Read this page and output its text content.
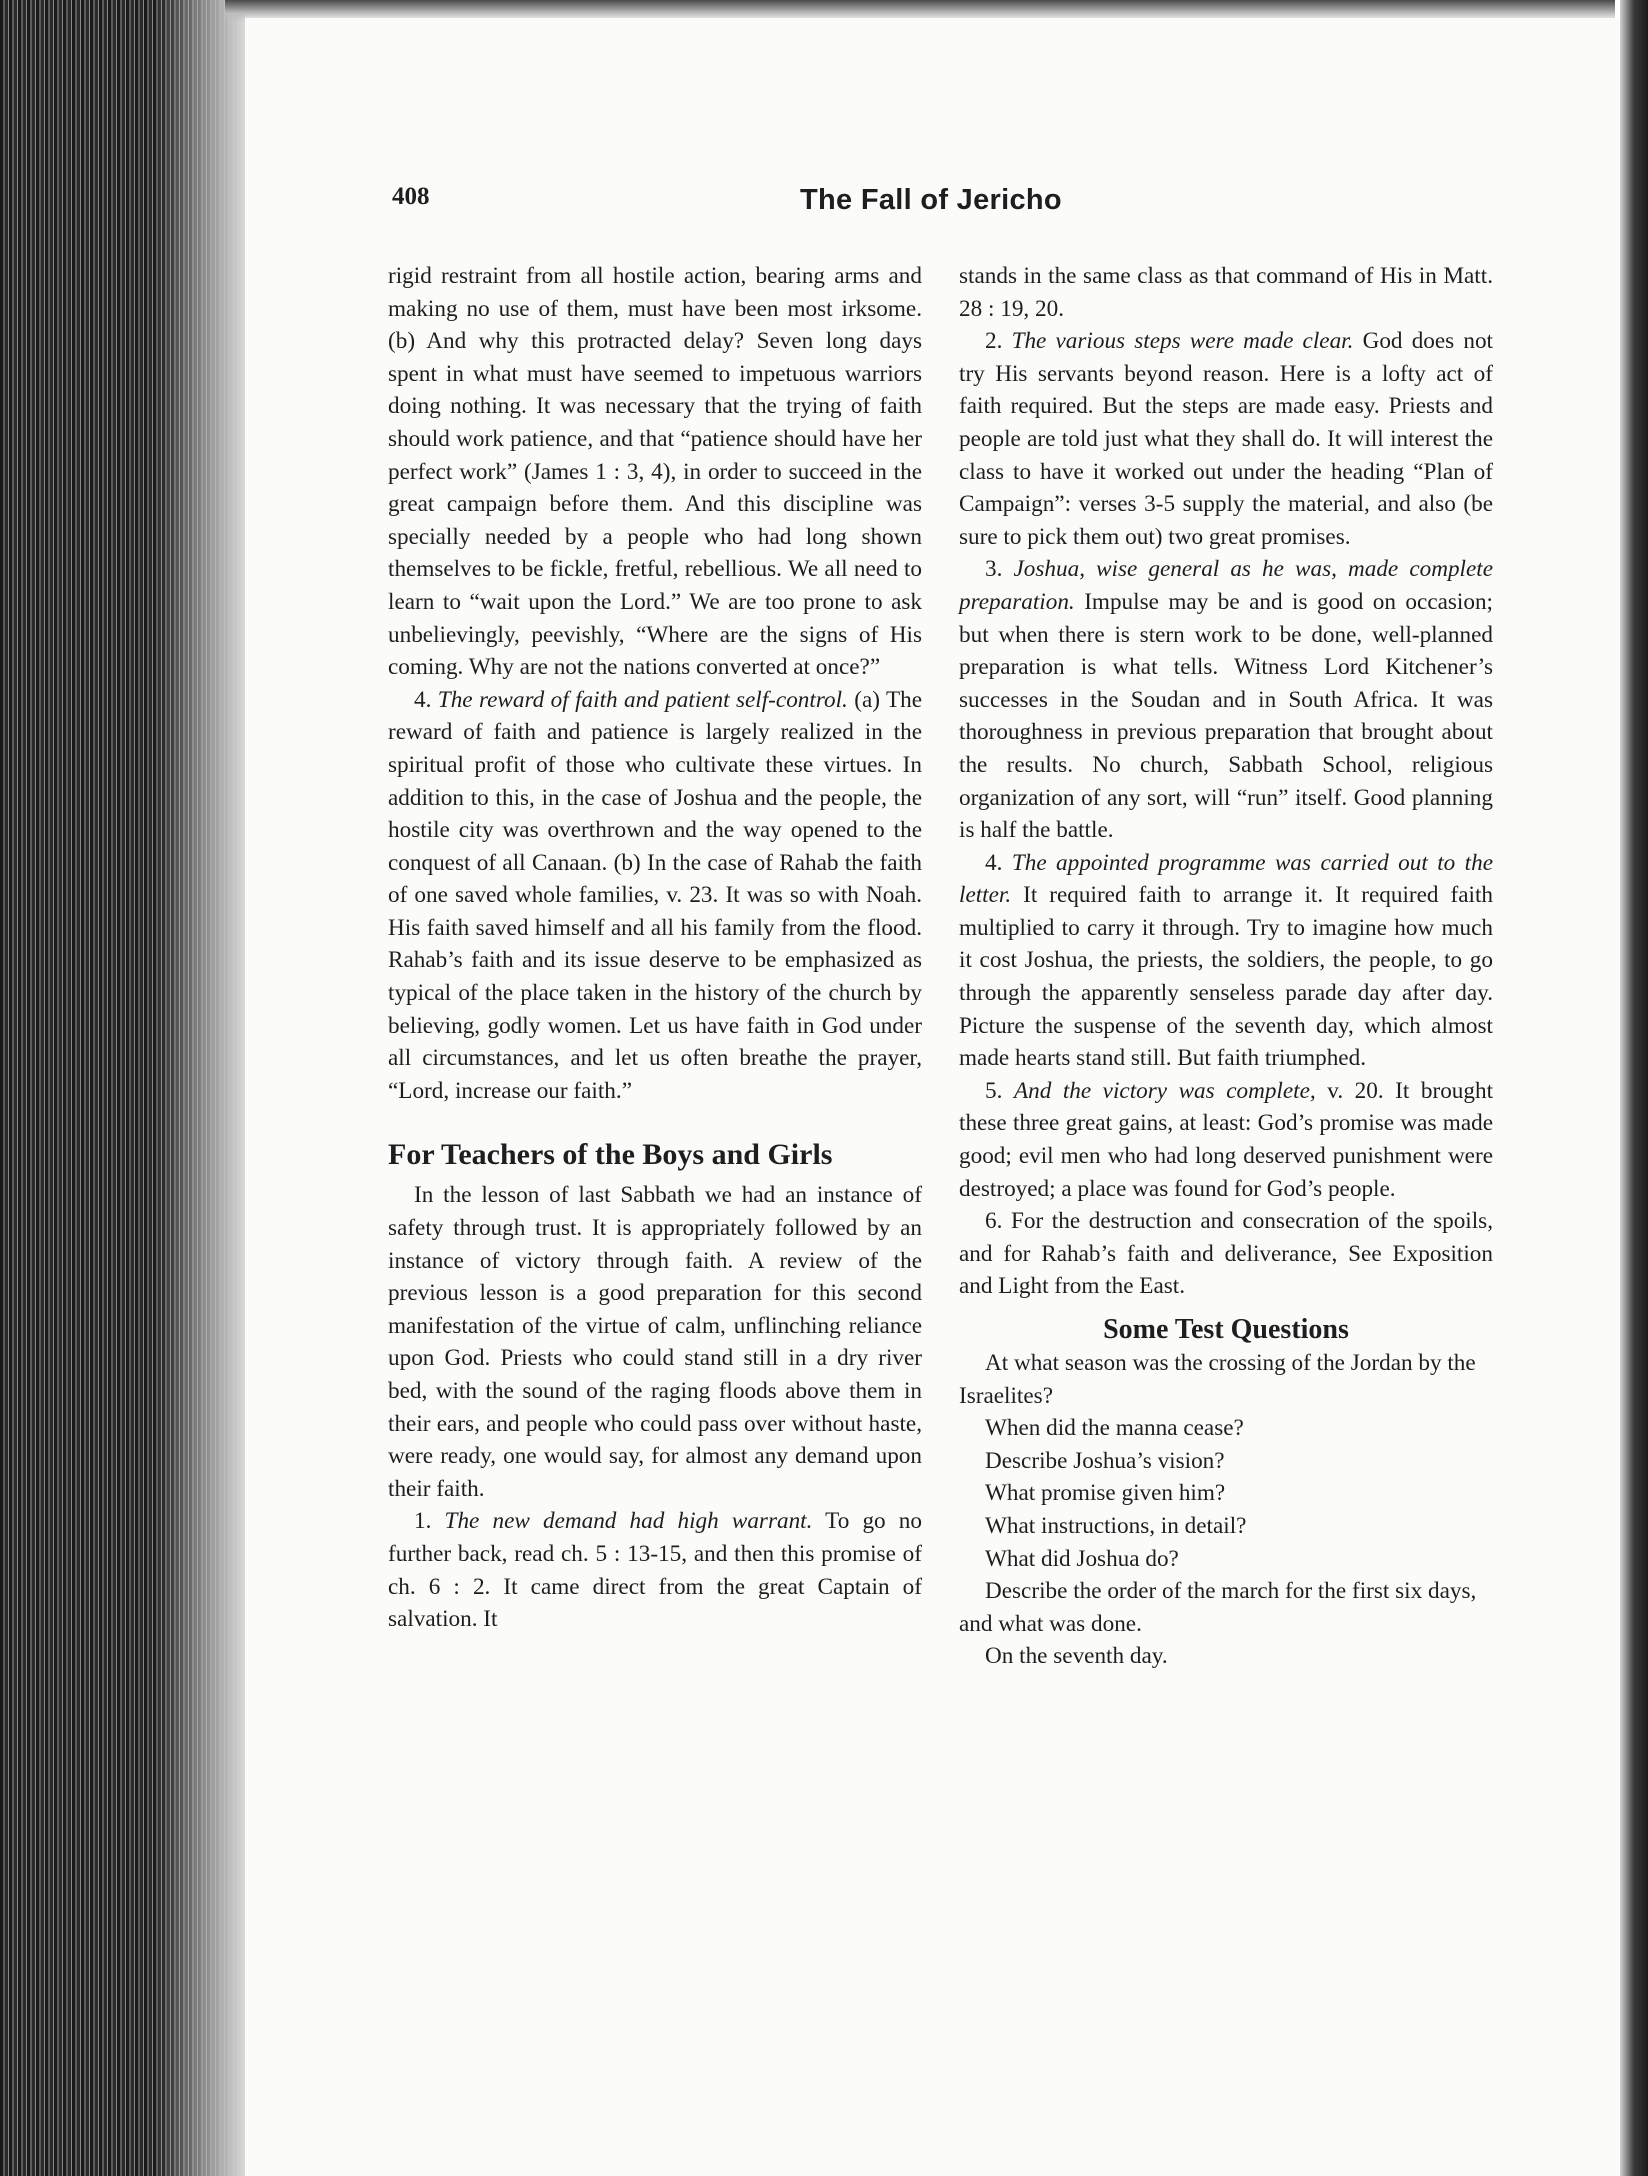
408	The Fall of Jericho

rigid restraint from all hostile action, bearing arms and making no use of them, must have been most irksome. (b) And why this protracted delay? Seven long days spent in what must have seemed to impetuous warriors doing nothing. It was necessary that the trying of faith should work patience, and that “patience should have her perfect work” (James 1 : 3, 4), in order to succeed in the great campaign before them. And this discipline was specially needed by a people who had long shown themselves to be fickle, fretful, rebellious. We all need to learn to “wait upon the Lord.” We are too prone to ask unbelievingly, peevishly, “Where are the signs of His coming. Why are not the nations converted at once?”

4. The reward of faith and patient self-control. (a) The reward of faith and patience is largely realized in the spiritual profit of those who cultivate these virtues. In addition to this, in the case of Joshua and the people, the hostile city was overthrown and the way opened to the conquest of all Canaan. (b) In the case of Rahab the faith of one saved whole families, v. 23. It was so with Noah. His faith saved himself and all his family from the flood. Rahab’s faith and its issue deserve to be emphasized as typical of the place taken in the history of the church by believing, godly women. Let us have faith in God under all circumstances, and let us often breathe the prayer, “Lord, increase our faith.”

For Teachers of the Boys and Girls

In the lesson of last Sabbath we had an instance of safety through trust. It is appropriately followed by an instance of victory through faith. A review of the previous lesson is a good preparation for this second manifestation of the virtue of calm, unflinching reliance upon God. Priests who could stand still in a dry river bed, with the sound of the raging floods above them in their ears, and people who could pass over without haste, were ready, one would say, for almost any demand upon their faith.

1. The new demand had high warrant. To go no further back, read ch. 5 : 13-15, and then this promise of ch. 6 : 2. It came direct from the great Captain of salvation. It

stands in the same class as that command of His in Matt. 28 : 19, 20.

2. The various steps were made clear. God does not try His servants beyond reason. Here is a lofty act of faith required. But the steps are made easy. Priests and people are told just what they shall do. It will interest the class to have it worked out under the heading “Plan of Campaign”: verses 3-5 supply the material, and also (be sure to pick them out) two great promises.

3. Joshua, wise general as he was, made complete preparation. Impulse may be and is good on occasion; but when there is stern work to be done, well-planned preparation is what tells. Witness Lord Kitchener’s successes in the Soudan and in South Africa. It was thoroughness in previous preparation that brought about the results. No church, Sabbath School, religious organization of any sort, will “run” itself. Good planning is half the battle.

4. The appointed programme was carried out to the letter. It required faith to arrange it. It required faith multiplied to carry it through. Try to imagine how much it cost Joshua, the priests, the soldiers, the people, to go through the apparently senseless parade day after day. Picture the suspense of the seventh day, which almost made hearts stand still. But faith triumphed.

5. And the victory was complete, v. 20. It brought these three great gains, at least: God’s promise was made good; evil men who had long deserved punishment were destroyed; a place was found for God’s people.

6. For the destruction and consecration of the spoils, and for Rahab’s faith and deliverance, See Exposition and Light from the East.

Some Test Questions

At what season was the crossing of the Jordan by the Israelites?

When did the manna cease?

Describe Joshua’s vision?

What promise given him?

What instructions, in detail?

What did Joshua do?

Describe the order of the march for the first six days, and what was done.

On the seventh day.
